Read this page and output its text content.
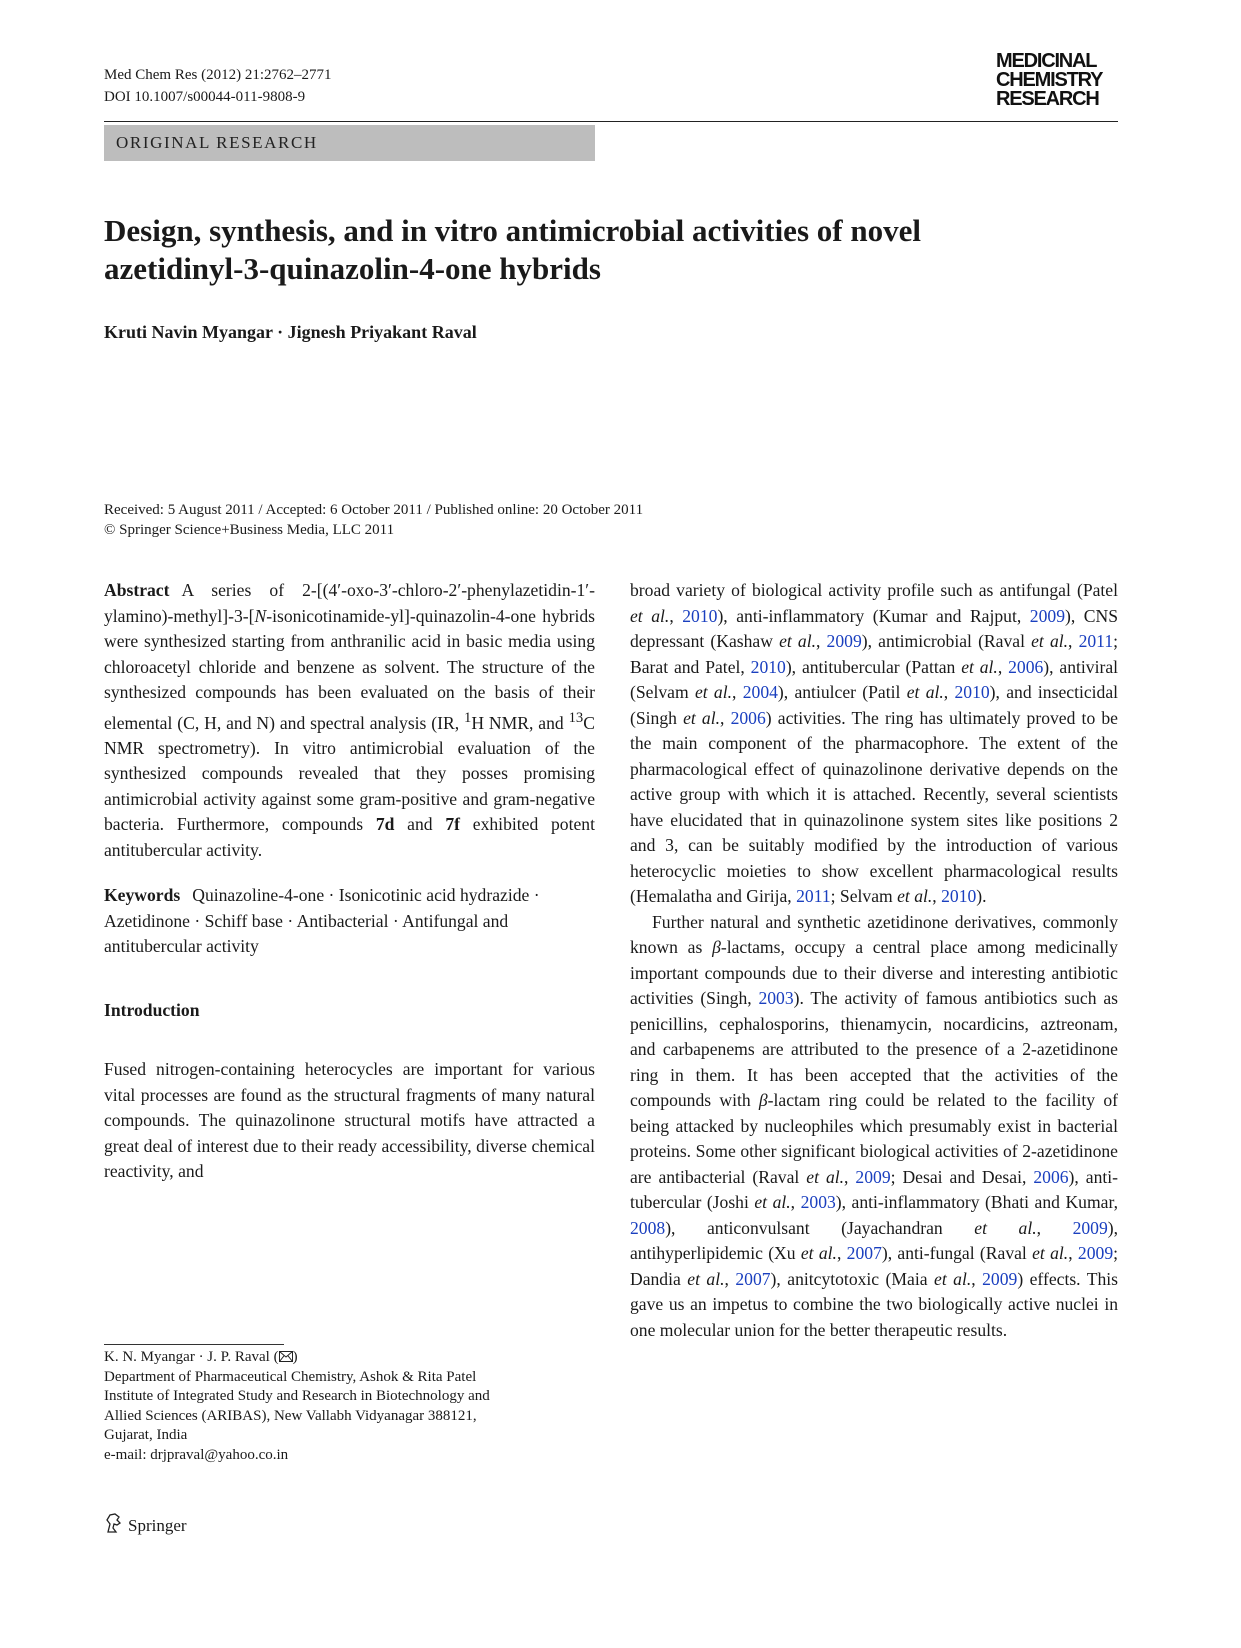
Med Chem Res (2012) 21:2762–2771
DOI 10.1007/s00044-011-9808-9
MEDICINAL
CHEMISTRY
RESEARCH
ORIGINAL RESEARCH
Design, synthesis, and in vitro antimicrobial activities of novel
azetidinyl-3-quinazolin-4-one hybrids
Kruti Navin Myangar · Jignesh Priyakant Raval
Received: 5 August 2011 / Accepted: 6 October 2011 / Published online: 20 October 2011
© Springer Science+Business Media, LLC 2011

Abstract A series of 2-[(4′-oxo-3′-chloro-2′-phenylazetidin-1′-ylamino)-methyl]-3-[N-isonicotinamide-yl]-quinazolin-4-one hybrids were synthesized starting from anthranilic acid in basic media using chloroacetyl chloride and benzene as solvent. The structure of the synthesized compounds has been evaluated on the basis of their elemental (C, H, and N) and spectral analysis (IR, $^1$H NMR, and $^{13}$C NMR spectrometry). In vitro antimicrobial evaluation of the synthesized compounds revealed that they posses promising antimicrobial activity against some gram-positive and gram-negative bacteria. Furthermore, compounds 7d and 7f exhibited potent antitubercular activity.

Keywords Quinazoline-4-one · Isonicotinic acid hydrazide · Azetidinone · Schiff base · Antibacterial · Antifungal and antitubercular activity

Introduction

Fused nitrogen-containing heterocycles are important for various vital processes are found as the structural fragments of many natural compounds. The quinazolinone structural motifs have attracted a great deal of interest due to their ready accessibility, diverse chemical reactivity, and

broad variety of biological activity profile such as antifungal (Patel et al., 2010), anti-inflammatory (Kumar and Rajput, 2009), CNS depressant (Kashaw et al., 2009), antimicrobial (Raval et al., 2011; Barat and Patel, 2010), antitubercular (Pattan et al., 2006), antiviral (Selvam et al., 2004), antiulcer (Patil et al., 2010), and insecticidal (Singh et al., 2006) activities. The ring has ultimately proved to be the main component of the pharmacophore. The extent of the pharmacological effect of quinazolinone derivative depends on the active group with which it is attached. Recently, several scientists have elucidated that in quinazolinone system sites like positions 2 and 3, can be suitably modified by the introduction of various heterocyclic moieties to show excellent pharmacological results (Hemalatha and Girija, 2011; Selvam et al., 2010).

Further natural and synthetic azetidinone derivatives, commonly known as β-lactams, occupy a central place among medicinally important compounds due to their diverse and interesting antibiotic activities (Singh, 2003). The activity of famous antibiotics such as penicillins, cephalosporins, thienamycin, nocardicins, aztreonam, and carbapenems are attributed to the presence of a 2-azetidinone ring in them. It has been accepted that the activities of the compounds with β-lactam ring could be related to the facility of being attacked by nucleophiles which presumably exist in bacterial proteins. Some other significant biological activities of 2-azetidinone are antibacterial (Raval et al., 2009; Desai and Desai, 2006), anti-tubercular (Joshi et al., 2003), anti-inflammatory (Bhati and Kumar, 2008), anticonvulsant (Jayachandran et al., 2009), antihyperlipidemic (Xu et al., 2007), anti-fungal (Raval et al., 2009; Dandia et al., 2007), anitcytotoxic (Maia et al., 2009) effects. This gave us an impetus to combine the two biologically active nuclei in one molecular union for the better therapeutic results.

K. N. Myangar · J. P. Raval ( )
Department of Pharmaceutical Chemistry, Ashok & Rita Patel
Institute of Integrated Study and Research in Biotechnology and
Allied Sciences (ARIBAS), New Vallabh Vidyanagar 388121,
Gujarat, India
e-mail: drjpraval@yahoo.co.in
Springer
